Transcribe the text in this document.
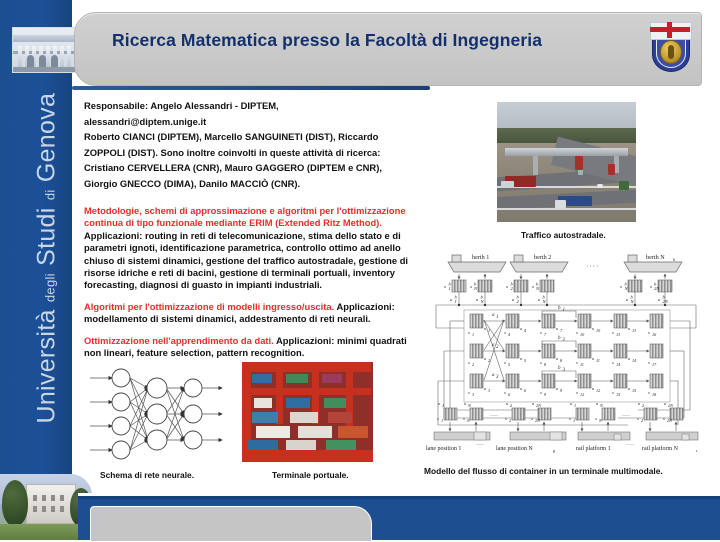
Università degli Studi di Genova
Ricerca Matematica presso la Facoltà di Ingegneria

Responsabile: Angelo Alessandri - DIPTEM,

alessandri@diptem.unige.it

Roberto CIANCI (DIPTEM), Marcello SANGUINETI (DIST), Riccardo

ZOPPOLI (DIST). Sono inoltre coinvolti in queste attività di ricerca:

Cristiano CERVELLERA (CNR), Mauro GAGGERO (DIPTEM e CNR),

Giorgio GNECCO (DIMA), Danilo MACCIÒ (CNR).

Metodologie, schemi di approssimazione e algoritmi per l'ottimizzazione continua di tipo funzionale mediante ERIM (Extended Ritz Method). Applicazioni: routing in reti di telecomunicazione, stima dello stato e di parametri ignoti, identificazione parametrica, controllo ottimo ad anello chiuso di sistemi dinamici, gestione del traffico autostradale, gestione di risorse idriche e reti di bacini, gestione di terminali portuali, inventory forecasting, diagnosi di guasto in impianti industriali.

Algoritmi per l'ottimizzazione di modelli ingresso/uscita. Applicazioni: modellamento di sistemi dinamici, addestramento di reti neurali.

Ottimizzazione nell'apprendimento da dati. Applicazioni: minimi quadrati non lineari, feature selection, pattern recognition.

Traffico autostradale.
Schema di rete neurale.	Terminale portuale.
berth 1	berth 2	berth N b
····
x 1
b	x N
b	x 2
b	x N
b	x N
b	x 2N
b
u 1
b	u N
b	u 2
b	u N
b	u N
b	u 2N
b
b 1
b 2
b 3
a 1
a 2
a 3
x 1	x 4	x 7	x 10	x 13	x 16
x 2	x 5	x 8	x 11	x 14	x 17
x 3	x 6	x 9	x 12	x 15	x 18
u 1	u 4	u 7	u 10	u 13
u 2	u 5	u 8	u 11	u 14
u 3	u 6	u 9	u 12	u 15
u 1	u N	u 2	u 2N	u 1	u N	u 2	u 2N
x 1	x N	x 2	x 2N	x 1	x N	x 2	x 2N
····	····
lane position 1	lane position N	g	rail platform 1	rail platform N	r
····	····
Modello del flusso di container in un terminale multimodale.
